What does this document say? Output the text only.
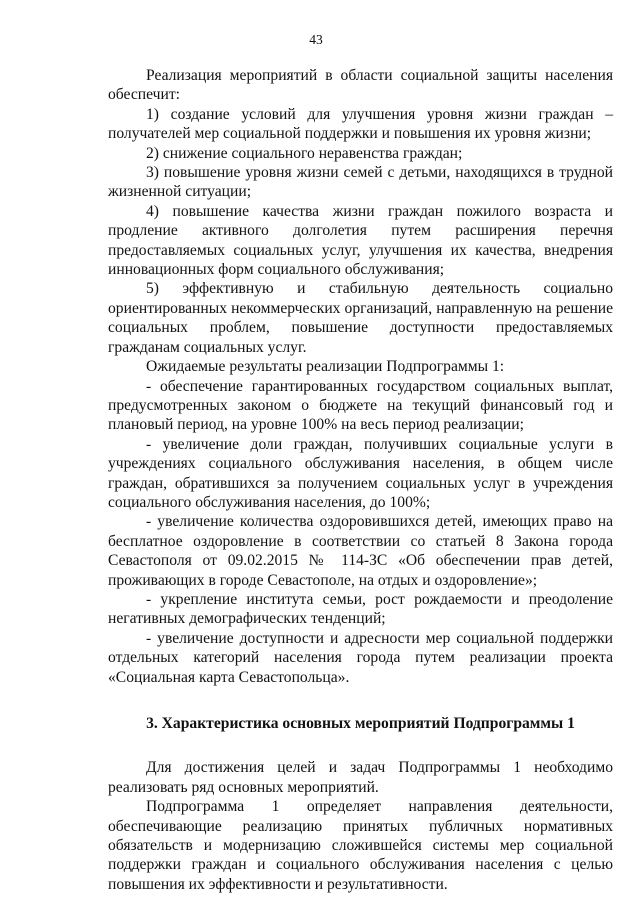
43

Реализация мероприятий в области социальной защиты населения обеспечит:

1) создание условий для улучшения уровня жизни граждан – получателей мер социальной поддержки и повышения их уровня жизни;

2) снижение социального неравенства граждан;

3) повышение уровня жизни семей с детьми, находящихся в трудной жизненной ситуации;

4) повышение качества жизни граждан пожилого возраста и продление активного долголетия путем расширения перечня предоставляемых социальных услуг, улучшения их качества, внедрения инновационных форм социального обслуживания;

5) эффективную и стабильную деятельность социально ориентированных некоммерческих организаций, направленную на решение социальных проблем, повышение доступности предоставляемых гражданам социальных услуг.

Ожидаемые результаты реализации Подпрограммы 1:

- обеспечение гарантированных государством социальных выплат, предусмотренных законом о бюджете на текущий финансовый год и плановый период, на уровне 100% на весь период реализации;

- увеличение доли граждан, получивших социальные услуги в учреждениях социального обслуживания населения, в общем числе граждан, обратившихся за получением социальных услуг в учреждения социального обслуживания населения, до 100%;

- увеличение количества оздоровившихся детей, имеющих право на бесплатное оздоровление в соответствии со статьей 8 Закона города Севастополя от 09.02.2015 № 114-ЗС «Об обеспечении прав детей, проживающих в городе Севастополе, на отдых и оздоровление»;

- укрепление института семьи, рост рождаемости и преодоление негативных демографических тенденций;

- увеличение доступности и адресности мер социальной поддержки отдельных категорий населения города путем реализации проекта «Социальная карта Севастопольца».

3. Характеристика основных мероприятий Подпрограммы 1

Для достижения целей и задач Подпрограммы 1 необходимо реализовать ряд основных мероприятий.

Подпрограмма 1 определяет направления деятельности, обеспечивающие реализацию принятых публичных нормативных обязательств и модернизацию сложившейся системы мер социальной поддержки граждан и социального обслуживания населения с целью повышения их эффективности и результативности.
